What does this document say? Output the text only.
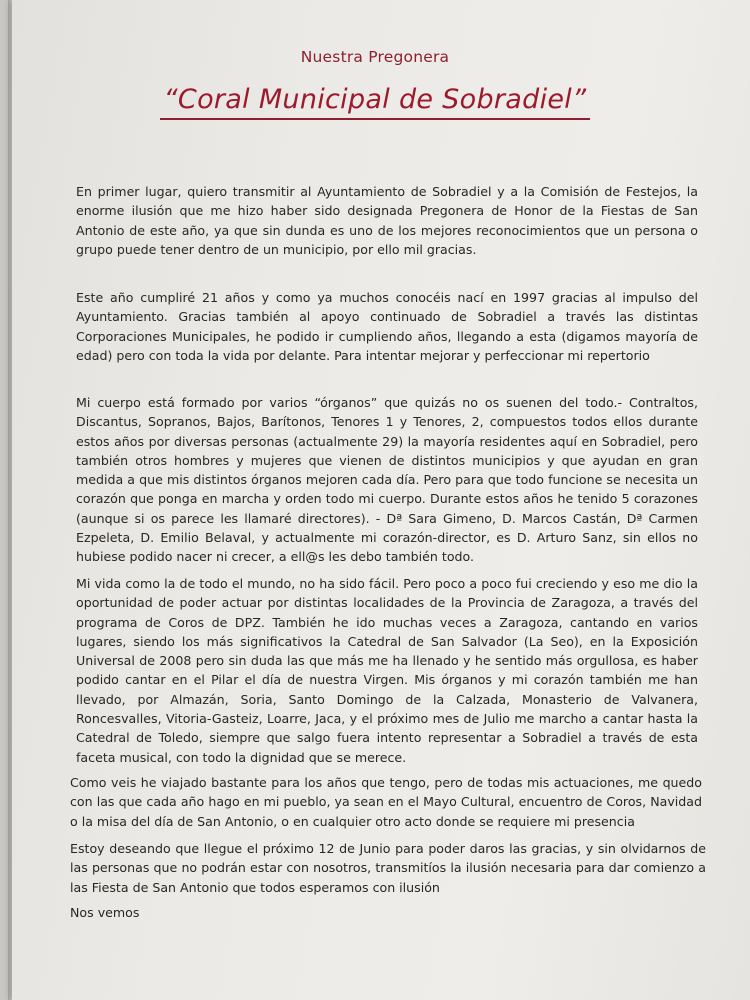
Nuestra Pregonera
“Coral Municipal de Sobradiel”

En primer lugar, quiero transmitir al Ayuntamiento de Sobradiel y a la Comisión de Festejos, la enorme ilusión que me hizo haber sido designada Pregonera de Honor de la Fiestas de San Antonio de este año, ya que sin dunda es uno de los mejores reconocimientos que un persona o grupo puede tener dentro de un municipio, por ello mil gracias.

Este año cumpliré 21 años y como ya muchos conocéis nací en 1997 gracias al impulso del Ayuntamiento. Gracias también al apoyo continuado de Sobradiel a través las distintas Corporaciones Municipales, he podido ir cumpliendo años, llegando a esta (digamos mayoría de edad) pero con toda la vida por delante. Para intentar mejorar y perfeccionar mi repertorio

Mi cuerpo está formado por varios “órganos” que quizás no os suenen del todo.- Contraltos, Discantus, Sopranos, Bajos, Barítonos, Tenores 1 y Tenores, 2, compuestos todos ellos durante estos años por diversas personas (actualmente 29) la mayoría residentes aquí en Sobradiel, pero también otros hombres y mujeres que vienen de distintos municipios y que ayudan en gran medida a que mis distintos órganos mejoren cada día. Pero para que todo funcione se necesita un corazón que ponga en marcha y orden todo mi cuerpo. Durante estos años he tenido 5 corazones (aunque si os parece les llamaré directores). - Dª Sara Gimeno, D. Marcos Castán, Dª Carmen Ezpeleta, D. Emilio Belaval, y actualmente mi corazón-director, es D. Arturo Sanz, sin ellos no hubiese podido nacer ni crecer, a ell@s les debo también todo.

Mi vida como la de todo el mundo, no ha sido fácil. Pero poco a poco fui creciendo y eso me dio la oportunidad de poder actuar por distintas localidades de la Provincia de Zaragoza, a través del programa de Coros de DPZ. También he ido muchas veces a Zaragoza, cantando en varios lugares, siendo los más significativos la Catedral de San Salvador (La Seo), en la Exposición Universal de 2008 pero sin duda las que más me ha llenado y he sentido más orgullosa, es haber podido cantar en el Pilar el día de nuestra Virgen. Mis órganos y mi corazón también me han llevado, por Almazán, Soria, Santo Domingo de la Calzada, Monasterio de Valvanera, Roncesvalles, Vitoria-Gasteiz, Loarre, Jaca, y el próximo mes de Julio me marcho a cantar hasta la Catedral de Toledo, siempre que salgo fuera intento representar a Sobradiel a través de esta faceta musical, con todo la dignidad que se merece.

Como veis he viajado bastante para los años que tengo, pero de todas mis actuaciones, me quedo con las que cada año hago en mi pueblo, ya sean en el Mayo Cultural, encuentro de Coros, Navidad o la misa del día de San Antonio, o en cualquier otro acto donde se requiere mi presencia

Estoy deseando que llegue el próximo 12 de Junio para poder daros las gracias, y sin olvidarnos de las personas que no podrán estar con nosotros, transmitíos la ilusión necesaria para dar comienzo a las Fiesta de San Antonio que todos esperamos con ilusión

Nos vemos
